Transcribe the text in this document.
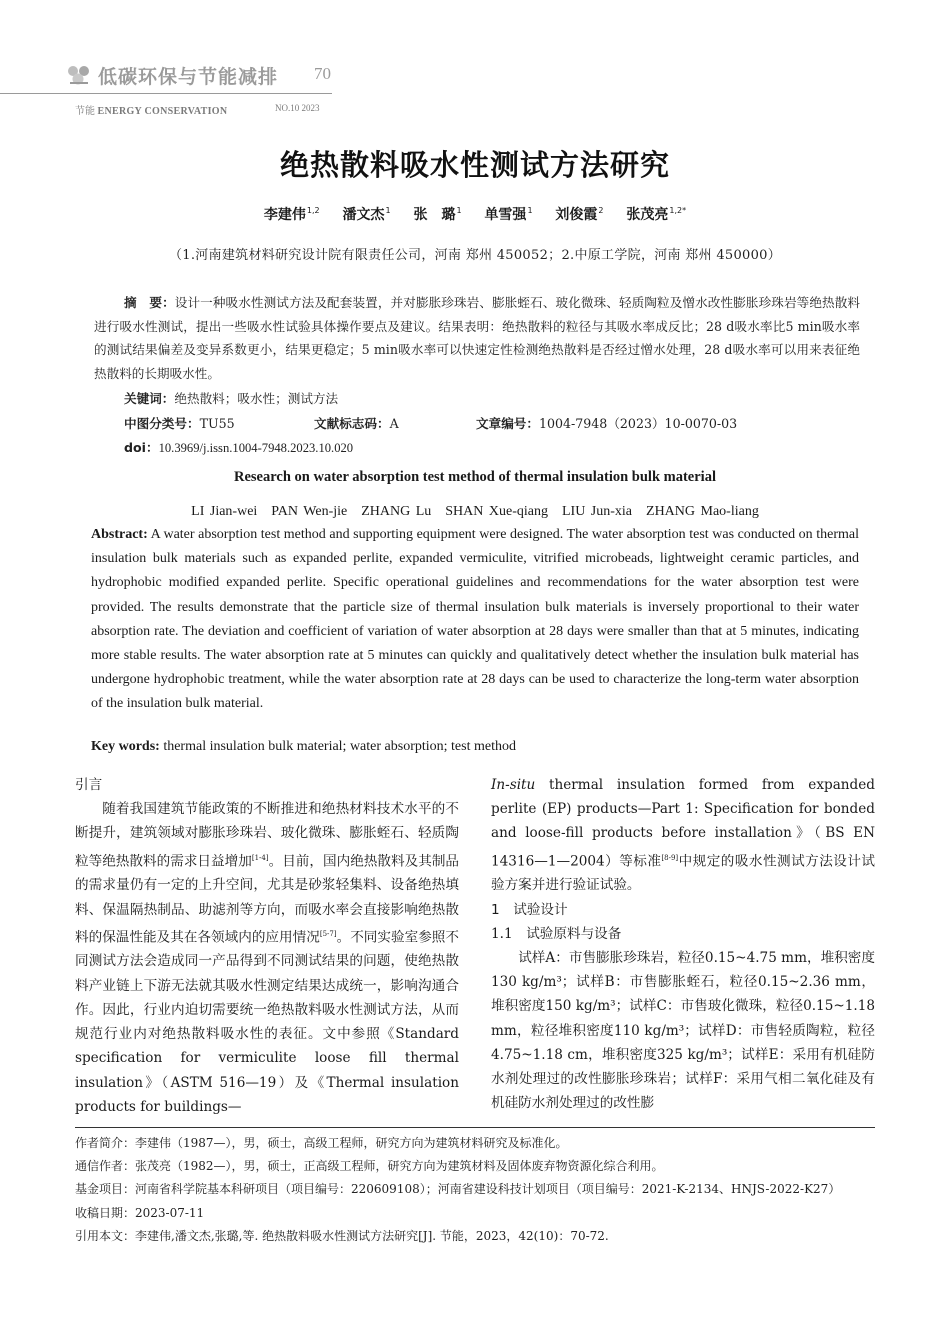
低碳环保与节能减排 70
节能 ENERGY CONSERVATION	NO.10 2023
绝热散料吸水性测试方法研究
李建伟$^{1,2}$ 潘文杰$^1$ 张　璐$^1$ 单雪强$^1$ 刘俊霞$^2$ 张茂亮$^{1,2*}$
（1.河南建筑材料研究设计院有限责任公司，河南 郑州 450052；2.中原工学院，河南 郑州 450000）
摘　要：设计一种吸水性测试方法及配套装置，并对膨胀珍珠岩、膨胀蛭石、玻化微珠、轻质陶粒及憎水改性膨胀珍珠岩等绝热散料进行吸水性测试，提出一些吸水性试验具体操作要点及建议。结果表明：绝热散料的粒径与其吸水率成反比；28 d吸水率比5 min吸水率的测试结果偏差及变异系数更小，结果更稳定；5 min吸水率可以快速定性检测绝热散料是否经过憎水处理，28 d吸水率可以用来表征绝热散料的长期吸水性。
关键词：绝热散料；吸水性；测试方法
中图分类号：TU55	文献标志码：A	文章编号：1004-7948（2023）10-0070-03
doi：10.3969/j.issn.1004-7948.2023.10.020
Research on water absorption test method of thermal insulation bulk material
LI Jian-wei　PAN Wen-jie　ZHANG Lu　SHAN Xue-qiang　LIU Jun-xia　ZHANG Mao-liang
Abstract: A water absorption test method and supporting equipment were designed. The water absorption test was conducted on thermal insulation bulk materials such as expanded perlite, expanded vermiculite, vitrified microbeads, lightweight ceramic particles, and hydrophobic modified expanded perlite. Specific operational guidelines and recommendations for the water absorption test were provided. The results demonstrate that the particle size of thermal insulation bulk materials is inversely proportional to their water absorption rate. The deviation and coefficient of variation of water absorption at 28 days were smaller than that at 5 minutes, indicating more stable results. The water absorption rate at 5 minutes can quickly and qualitatively detect whether the insulation bulk material has undergone hydrophobic treatment, while the water absorption rate at 28 days can be used to characterize the long-term water absorption of the insulation bulk material.
Key words: thermal insulation bulk material; water absorption; test method
引言

随着我国建筑节能政策的不断推进和绝热材料技术水平的不断提升，建筑领域对膨胀珍珠岩、玻化微珠、膨胀蛭石、轻质陶粒等绝热散料的需求日益增加[1-4]。目前，国内绝热散料及其制品的需求量仍有一定的上升空间，尤其是砂浆轻集料、设备绝热填料、保温隔热制品、助滤剂等方向，而吸水率会直接影响绝热散料的保温性能及其在各领域内的应用情况[5-7]。不同实验室参照不同测试方法会造成同一产品得到不同测试结果的问题，使绝热散料产业链上下游无法就其吸水性测定结果达成统一，影响沟通合作。因此，行业内迫切需要统一绝热散料吸水性测试方法，从而规范行业内对绝热散料吸水性的表征。文中参照《Standard specification for vermiculite loose fill thermal insulation》（ASTM 516—19）及《Thermal insulation products for buildings—

In-situ thermal insulation formed from expanded perlite (EP) products—Part 1: Specification for bonded and loose-fill products before installation》（BS EN 14316—1—2004）等标准[8-9]中规定的吸水性测试方法设计试验方案并进行验证试验。

1　试验设计
1.1　试验原料与设备

试样A：市售膨胀珍珠岩，粒径0.15~4.75 mm，堆积密度130 kg/m³；试样B：市售膨胀蛭石，粒径0.15~2.36 mm，堆积密度150 kg/m³；试样C：市售玻化微珠，粒径0.15~1.18 mm，粒径堆积密度110 kg/m³；试样D：市售轻质陶粒，粒径4.75~1.18 cm，堆积密度325 kg/m³；试样E：采用有机硅防水剂处理过的改性膨胀珍珠岩；试样F：采用气相二氧化硅及有机硅防水剂处理过的改性膨

作者简介：李建伟（1987—），男，硕士，高级工程师，研究方向为建筑材料研究及标准化。

通信作者：张茂亮（1982—），男，硕士，正高级工程师，研究方向为建筑材料及固体废弃物资源化综合利用。

基金项目：河南省科学院基本科研项目（项目编号：220609108）；河南省建设科技计划项目（项目编号：2021-K-2134、HNJS-2022-K27）

收稿日期：2023-07-11

引用本文：李建伟,潘文杰,张璐,等. 绝热散料吸水性测试方法研究[J]. 节能，2023，42(10)：70-72.
